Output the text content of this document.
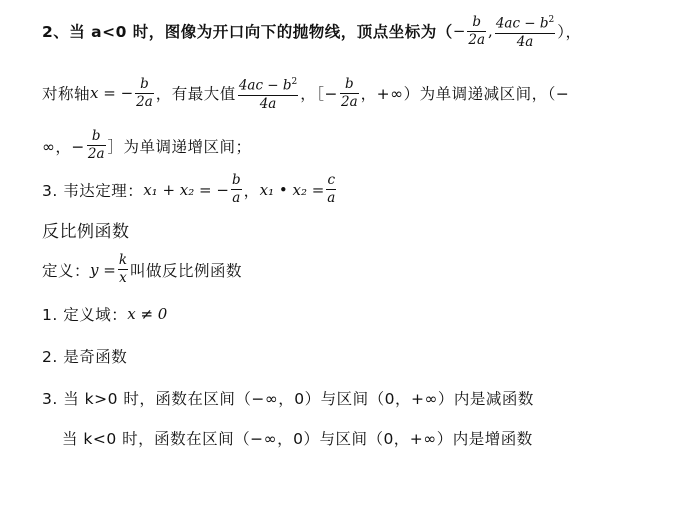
2、当 a<0 时，图像为开口向下的抛物线，顶点坐标为（ − $\frac{b}{2a}$ , $\frac{4ac - b^2}{4a}$ ），
对称轴 x = − $\frac{b}{2a}$ ，有最大值 $\frac{4ac - b^2}{4a}$ ，［− $\frac{b}{2a}$ ，+∞）为单调递减区间，（−
∞，− $\frac{b}{2a}$ ］为单调递增区间；
3. 韦达定理： x₁ + x₂ = − $\frac{b}{a}$ ， x₁ • $x_2 = \frac{c}{a}$
反比例函数
定义： $y = \frac{k}{x}$ 叫做反比例函数
1. 定义域： x ≠ 0
2. 是奇函数
3. 当 k>0 时，函数在区间（−∞，0）与区间（0，+∞）内是减函数
当 k<0 时，函数在区间（−∞，0）与区间（0，+∞）内是增函数
